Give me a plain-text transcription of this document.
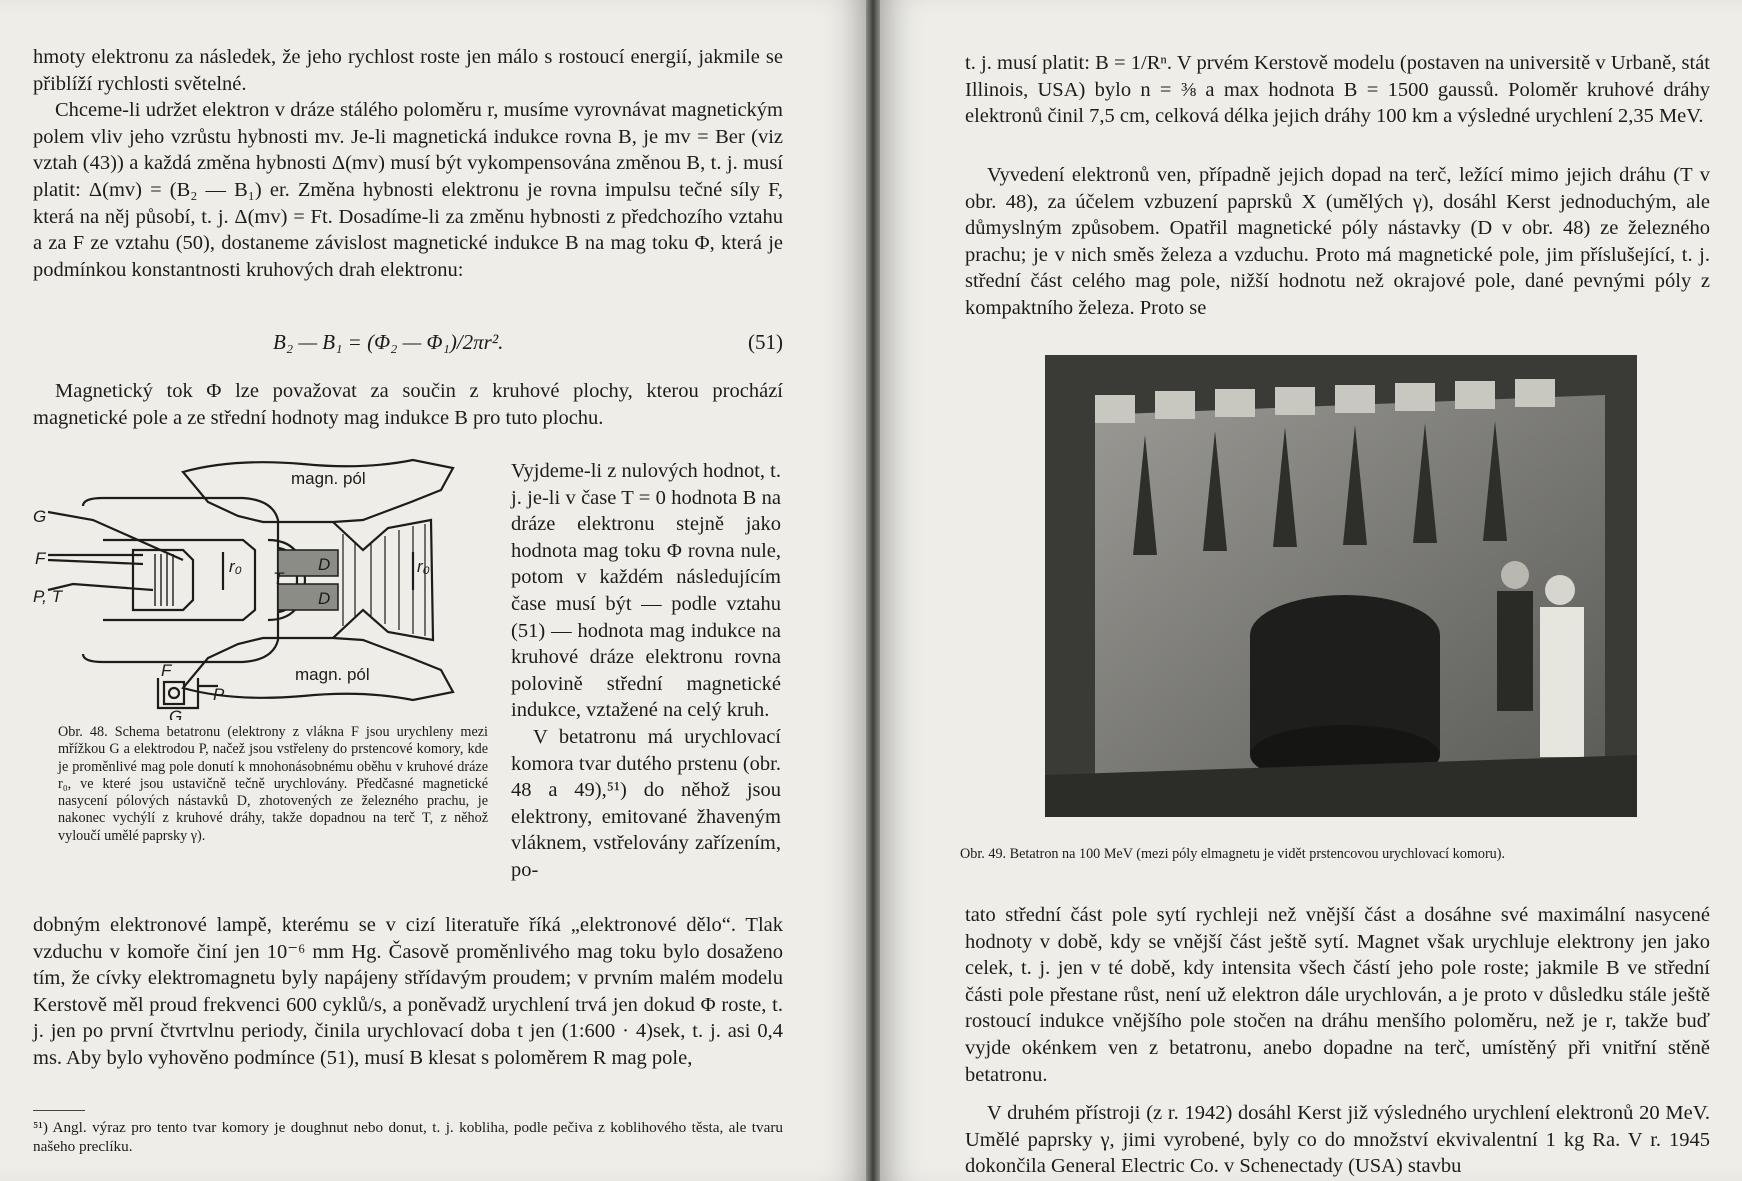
hmoty elektronu za následek, že jeho rychlost roste jen málo s rostoucí energií, jakmile se přiblíží rychlosti světelné.

Chceme-li udržet elektron v dráze stálého poloměru r, musíme vyrovnávat magnetickým polem vliv jeho vzrůstu hybnosti mv. Je-li magnetická indukce rovna B, je mv = Ber (viz vztah (43)) a každá změna hybnosti Δ(mv) musí být vykompensována změnou B, t. j. musí platit: Δ(mv) = (B₂ — B₁) er. Změna hybnosti elektronu je rovna impulsu tečné síly F, která na něj působí, t. j. Δ(mv) = Ft. Dosadíme-li za změnu hybnosti z předchozího vztahu a za F ze vztahu (50), dostaneme závislost magnetické indukce B na mag toku Φ, která je podmínkou konstantnosti kruhových drah elektronu:

B₂ — B₁ = (Φ₂ — Φ₁)/2πr².	(51)

Magnetický tok Φ lze považovat za součin z kruhové plochy, kterou prochází magnetické pole a ze střední hodnoty mag indukce B pro tuto plochu.

magn. pól
magn. pól
G
F
P, T
D
D
T
r₀	r₀
F
P
G
Obr. 48. Schema betatronu (elektrony z vlákna F jsou urychleny mezi mřížkou G a elektrodou P, načež jsou vstřeleny do prstencové komory, kde je proměnlivé mag pole donutí k mnohonásobnému oběhu v kruhové dráze r₀, ve které jsou ustavičně tečně urychlovány. Předčasné magnetické nasycení pólových nástavků D, zhotovených ze železného prachu, je nakonec vychýlí z kruhové dráhy, takže dopadnou na terč T, z něhož vyloučí umělé paprsky γ).

Vyjdeme-li z nulových hodnot, t. j. je-li v čase T = 0 hodnota B na dráze elektronu stejně jako hodnota mag toku Φ rovna nule, potom v každém následujícím čase musí být — podle vztahu (51) — hodnota mag indukce na kruhové dráze elektronu rovna polovině střední magnetické indukce, vztažené na celý kruh.

V betatronu má urychlovací komora tvar dutého prstenu (obr. 48 a 49),⁵¹) do něhož jsou elektrony, emitované žhaveným vláknem, vstřelovány zařízením, po-

dobným elektronové lampě, kterému se v cizí literatuře říká „elektronové dělo“. Tlak vzduchu v komoře činí jen 10⁻⁶ mm Hg. Časově proměnlivého mag toku bylo dosaženo tím, že cívky elektromagnetu byly napájeny střídavým proudem; v prvním malém modelu Kerstově měl proud frekvenci 600 cyklů/s, a poněvadž urychlení trvá jen dokud Φ roste, t. j. jen po první čtvrtvlnu periody, činila urychlovací doba t jen (1:600 · 4)sek, t. j. asi 0,4 ms. Aby bylo vyhověno podmínce (51), musí B klesat s poloměrem R mag pole,

⁵¹) Angl. výraz pro tento tvar komory je doughnut nebo donut, t. j. kobliha, podle pečiva z koblihového těsta, ale tvaru našeho preclíku.

t. j. musí platit: B = 1/Rⁿ. V prvém Kerstově modelu (postaven na universitě v Urbaně, stát Illinois, USA) bylo n = ⅜ a max hodnota B = 1500 gaussů. Poloměr kruhové dráhy elektronů činil 7,5 cm, celková délka jejich dráhy 100 km a výsledné urychlení 2,35 MeV.

Vyvedení elektronů ven, případně jejich dopad na terč, ležící mimo jejich dráhu (T v obr. 48), za účelem vzbuzení paprsků X (umělých γ), dosáhl Kerst jednoduchým, ale důmyslným způsobem. Opatřil magnetické póly nástavky (D v obr. 48) ze železného prachu; je v nich směs železa a vzduchu. Proto má magnetické pole, jim příslušející, t. j. střední část celého mag pole, nižší hodnotu než okrajové pole, dané pevnými póly z kompaktního železa. Proto se

Obr. 49. Betatron na 100 MeV (mezi póly elmagnetu je vidět prstencovou urychlovací komoru).

tato střední část pole sytí rychleji než vnější část a dosáhne své maximální nasycené hodnoty v době, kdy se vnější část ještě sytí. Magnet však urychluje elektrony jen jako celek, t. j. jen v té době, kdy intensita všech částí jeho pole roste; jakmile B ve střední části pole přestane růst, není už elektron dále urychlován, a je proto v důsledku stále ještě rostoucí indukce vnějšího pole stočen na dráhu menšího poloměru, než je r, takže buď vyjde okénkem ven z betatronu, anebo dopadne na terč, umístěný při vnitřní stěně betatronu.

V druhém přístroji (z r. 1942) dosáhl Kerst již výsledného urychlení elektronů 20 MeV. Umělé paprsky γ, jimi vyrobené, byly co do množství ekvivalentní 1 kg Ra. V r. 1945 dokončila General Electric Co. v Schenectady (USA) stavbu
